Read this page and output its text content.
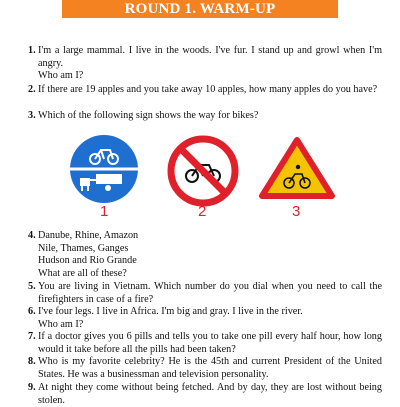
ROUND 1. WARM-UP
1. I'm a large mammal. I live in the woods. I've fur. I stand up and growl when I'm angry.

Who am I?

2. If there are 19 apples and you take away 10 apples, how many apples do you have?

3. Which of the following sign shows the way for bikes?

1	2	3
4. Danube, Rhine, Amazon

Nile, Thames, Ganges

Hudson and Rio Grande

What are all of these?

5. You are living in Vietnam. Which number do you dial when you need to call the firefighters in case of a fire?

6. I've four legs. I live in Africa. I'm big and gray. I live in the river.

Who am I?

7. If a doctor gives you 6 pills and tells you to take one pill every half hour, how long would it take before all the pills had been taken?

8. Who is my favorite celebrity? He is the 45th and current President of the United States. He was a businessman and television personality.

9. At night they come without being fetched. And by day, they are lost without being stolen.
